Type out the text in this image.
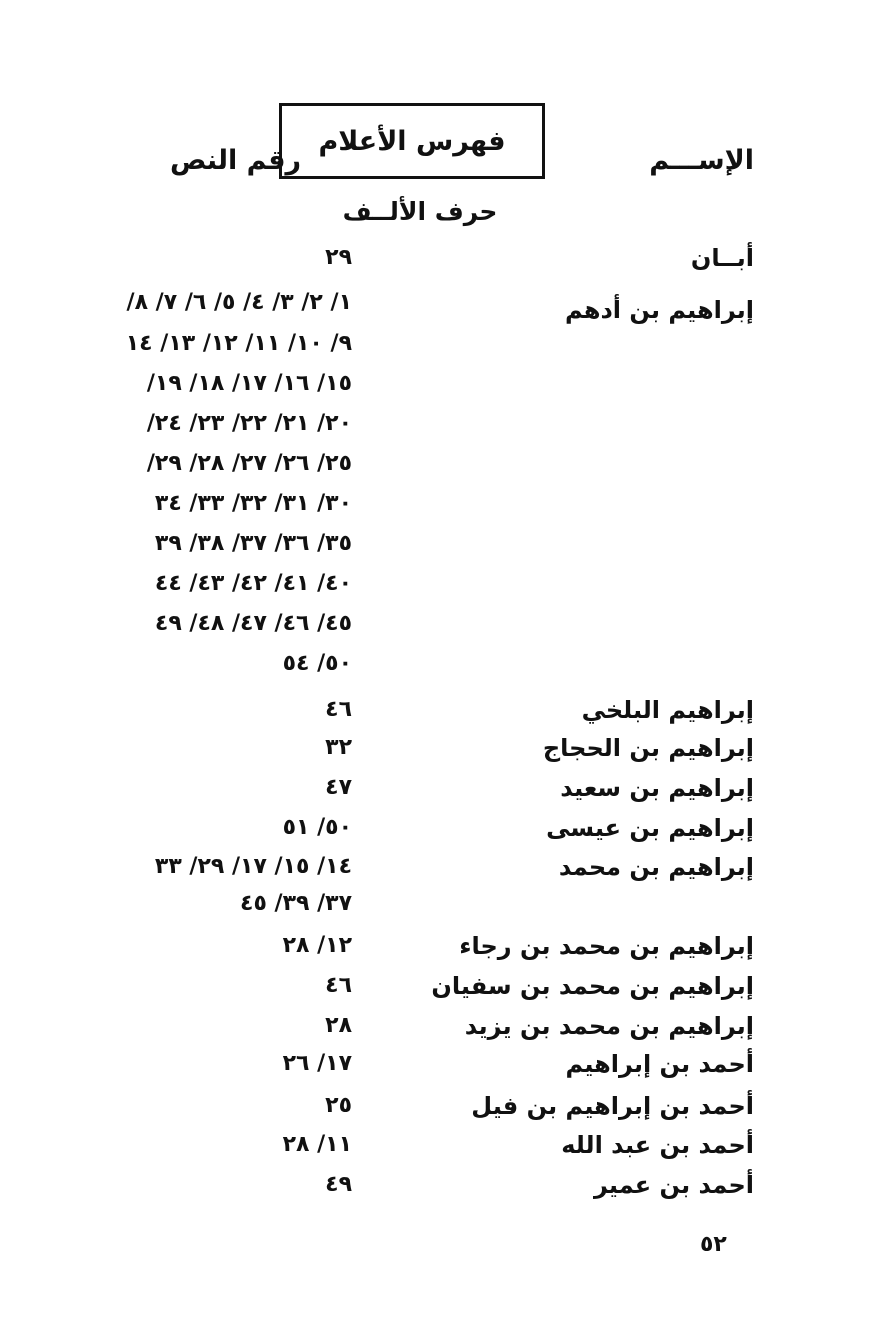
فهرس الأعلام
الإســـم
رقم النص
حرف الألــف
أبــان
٢٩
إبراهيم بن أدهم
١/ ٢/ ٣/ ٤/ ٥/ ٦/ ٧/ ٨/
٩/ ١٠/ ١١/ ١٢/ ١٣/ ١٤
١٥/ ١٦/ ١٧/ ١٨/ ١٩/
٢٠/ ٢١/ ٢٢/ ٢٣/ ٢٤/
٢٥/ ٢٦/ ٢٧/ ٢٨/ ٢٩/
٣٠/ ٣١/ ٣٢/ ٣٣/ ٣٤
٣٥/ ٣٦/ ٣٧/ ٣٨/ ٣٩
٤٠/ ٤١/ ٤٢/ ٤٣/ ٤٤
٤٥/ ٤٦/ ٤٧/ ٤٨/ ٤٩
٥٠/ ٥٤
إبراهيم البلخي
٤٦
إبراهيم بن الحجاج
٣٢
إبراهيم بن سعيد
٤٧
إبراهيم بن عيسى
٥٠/ ٥١
إبراهيم بن محمد
١٤/ ١٥/ ١٧/ ٢٩/ ٣٣
٣٧/ ٣٩/ ٤٥
إبراهيم بن محمد بن رجاء
١٢/ ٢٨
إبراهيم بن محمد بن سفيان
٤٦
إبراهيم بن محمد بن يزيد
٢٨
أحمد بن إبراهيم
١٧/ ٢٦
أحمد بن إبراهيم بن فيل
٢٥
أحمد بن عبد الله
١١/ ٢٨
أحمد بن عمير
٤٩
٥٢
